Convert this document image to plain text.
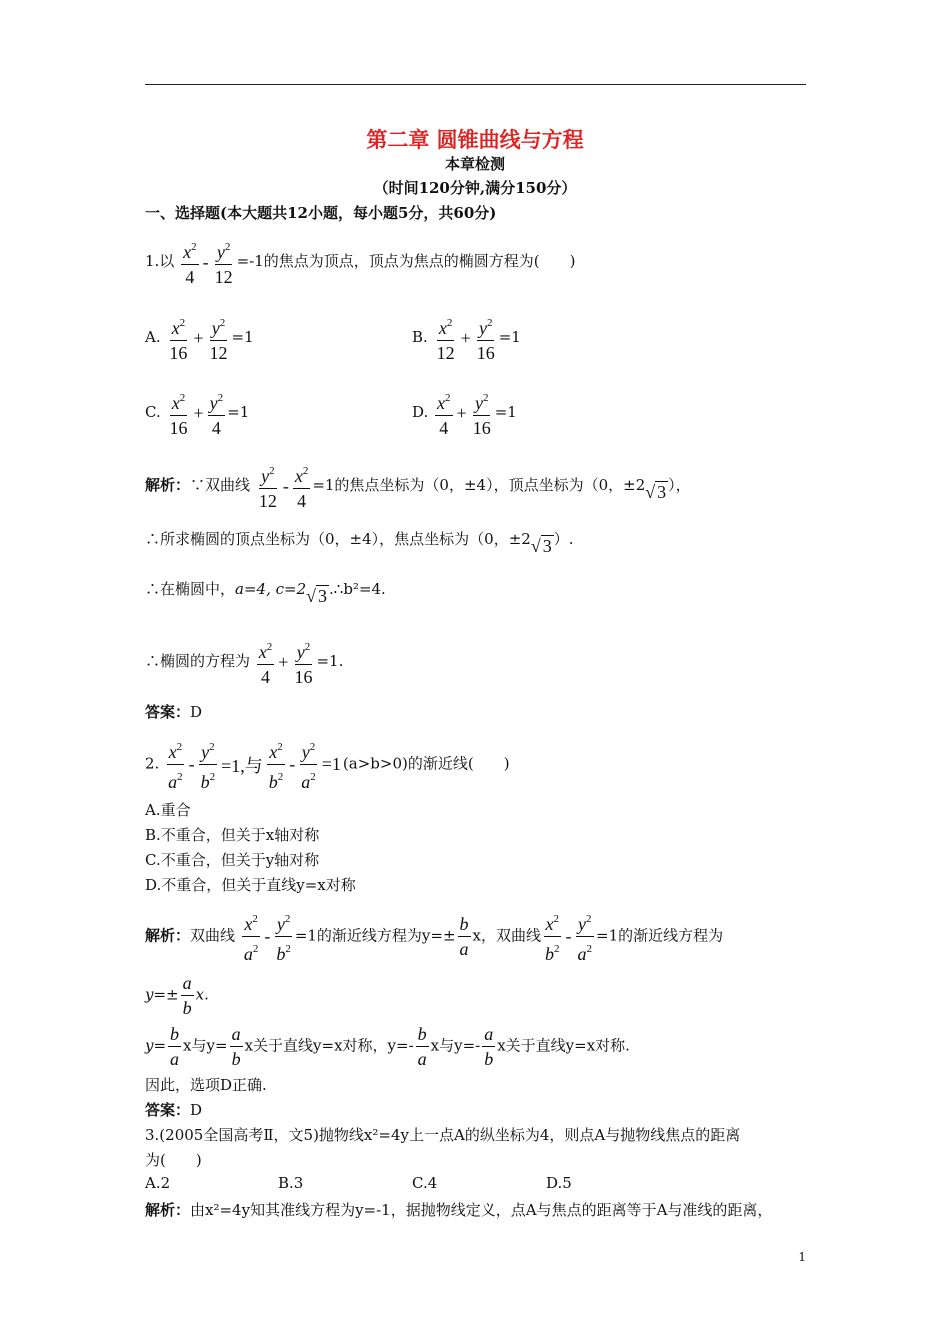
第二章 圆锥曲线与方程
本章检测
（时间120分钟,满分150分）
一、选择题(本大题共12小题，每小题5分，共60分)
1.以 $\frac{x^2}{4} - \frac{y^2}{12} =-1$的焦点为顶点，顶点为焦点的椭圆方程为(　　)
A. $\frac{x^2}{16} + \frac{y^2}{12} =1$	B. $\frac{x^2}{12} + \frac{y^2}{16} =1$
C. $\frac{x^2}{16} + \frac{y^2}{4} =1$	D. $\frac{x^2}{4} + \frac{y^2}{16} =1$
解析：∵双曲线 $\frac{y^2}{12} - \frac{x^2}{4} =1$的焦点坐标为（0，±4），顶点坐标为（0，±2√ 3 ），
∴所求椭圆的顶点坐标为（0，±4），焦点坐标为（0，±2√ 3 ）.
∴在椭圆中，a=4, c=2√ 3 .∴b²=4.
∴椭圆的方程为 $\frac{x^2}{4} + \frac{y^2}{16} =1$.
答案：D
2. $\frac{x^2}{a^2} - \frac{y^2}{b^2} =1$,与 $\frac{x^2}{b^2} - \frac{y^2}{a^2} =1$ (a>b>0)的渐近线(　　)
A.重合
B.不重合，但关于x轴对称
C.不重合，但关于y轴对称
D.不重合，但关于直线y=x对称
解析：双曲线 $\frac{x^2}{a^2} - \frac{y^2}{b^2} =1$的渐近线方程为$y=\pm \frac{b}{a}$ x，双曲线 $\frac{x^2}{b^2} - \frac{y^2}{a^2} =1$的渐近线方程为
$y=\pm \frac{a}{b} x$.
$y= \frac{b}{a}$ x与$y= \frac{a}{b}$ x关于直线y=x对称，$y=- \frac{b}{a}$ x与$y=- \frac{a}{b}$ x关于直线y=x对称.
因此，选项D正确.
答案：D
3.(2005全国高考Ⅱ，文5)抛物线x²=4y上一点A的纵坐标为4，则点A与抛物线焦点的距离
为(　　)
A.2	B.3	C.4	D.5
解析：由x²=4y知其准线方程为y=-1，据抛物线定义，点A与焦点的距离等于A与准线的距离，
1
